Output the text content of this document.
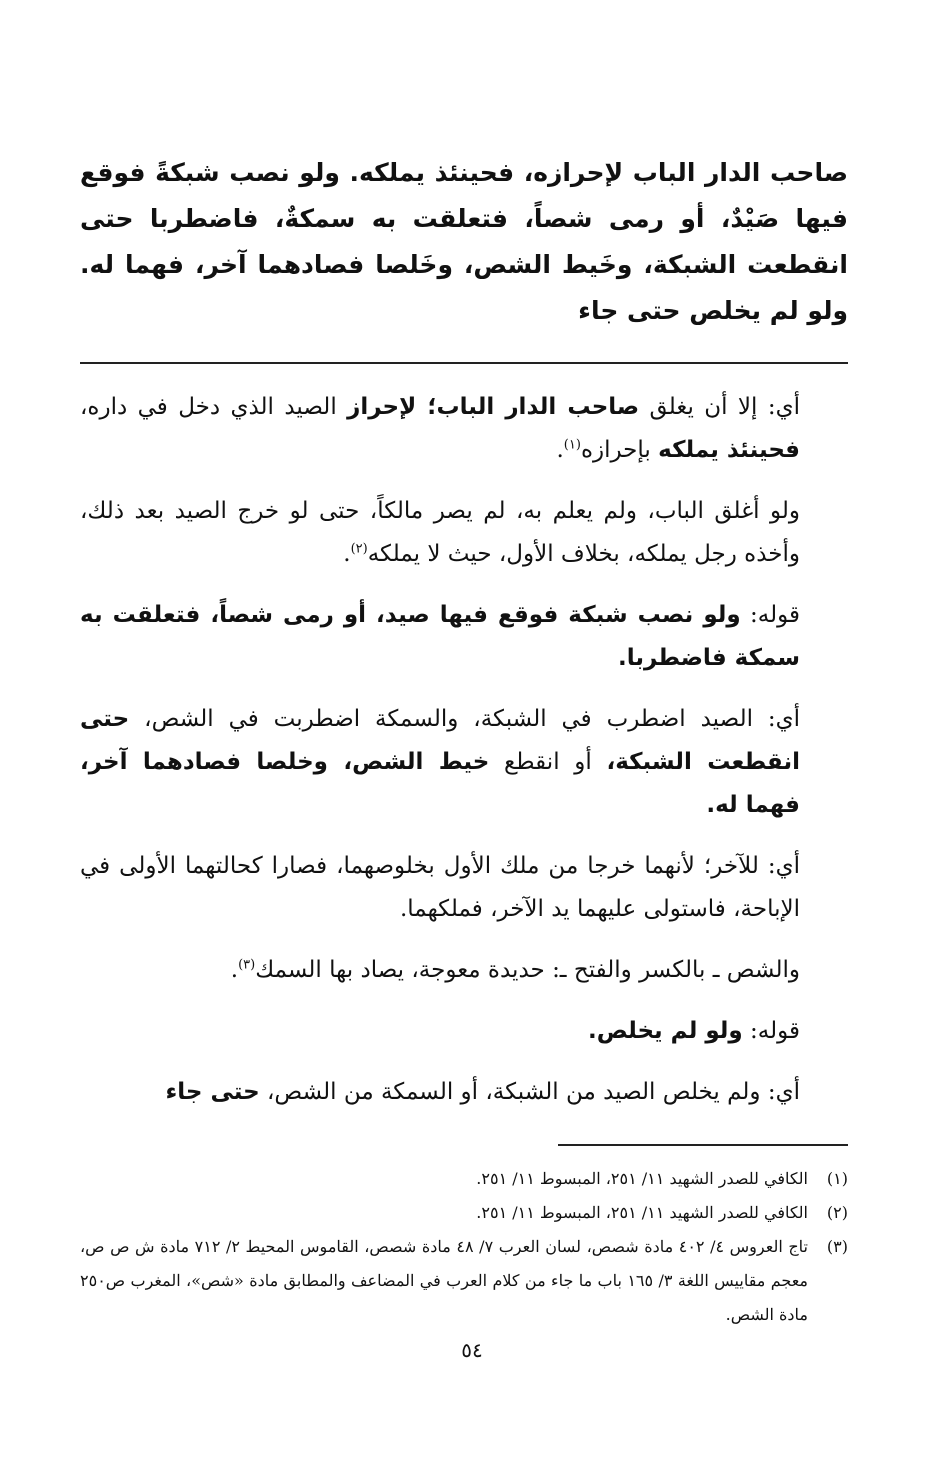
صاحب الدار الباب لإحرازه، فحينئذ يملكه. ولو نصب شبكةً فوقع فيها صَيْدٌ، أو رمى شصاً، فتعلقت به سمكةٌ، فاضطربا حتى انقطعت الشبكة، وخَيط الشص، وخَلصا فصادهما آخر، فهما له. ولو لم يخلص حتى جاء

أي: إلا أن يغلق صاحب الدار الباب؛ لإحراز الصيد الذي دخل في داره، فحينئذ يملكه بإحرازه$^{(١)}$.

ولو أغلق الباب، ولم يعلم به، لم يصر مالكاً، حتى لو خرج الصيد بعد ذلك، وأخذه رجل يملكه، بخلاف الأول، حيث لا يملكه$^{(٢)}$.

قوله: ولو نصب شبكة فوقع فيها صيد، أو رمى شصاً، فتعلقت به سمكة فاضطربا.

أي: الصيد اضطرب في الشبكة، والسمكة اضطربت في الشص، حتى انقطعت الشبكة، أو انقطع خيط الشص، وخلصا فصادهما آخر، فهما له.

أي: للآخر؛ لأنهما خرجا من ملك الأول بخلوصهما، فصارا كحالتهما الأولى في الإباحة، فاستولى عليهما يد الآخر، فملكهما.

والشص ـ بالكسر والفتح ـ: حديدة معوجة، يصاد بها السمك$^{(٣)}$.

قوله: ولو لم يخلص.

أي: ولم يخلص الصيد من الشبكة، أو السمكة من الشص، حتى جاء

(١)
الكافي للصدر الشهيد ١١/ ٢٥١، المبسوط ١١/ ٢٥١.
(٢)
الكافي للصدر الشهيد ١١/ ٢٥١، المبسوط ١١/ ٢٥١.
(٣)
تاج العروس ٤/ ٤٠٢ مادة شصص، لسان العرب ٧/ ٤٨ مادة شصص، القاموس المحيط ٢/ ٧١٢ مادة ش ص ص، معجم مقاييس اللغة ٣/ ١٦٥ باب ما جاء من كلام العرب في المضاعف والمطابق مادة «شص»، المغرب ص٢٥٠ مادة الشص.
٥٤
